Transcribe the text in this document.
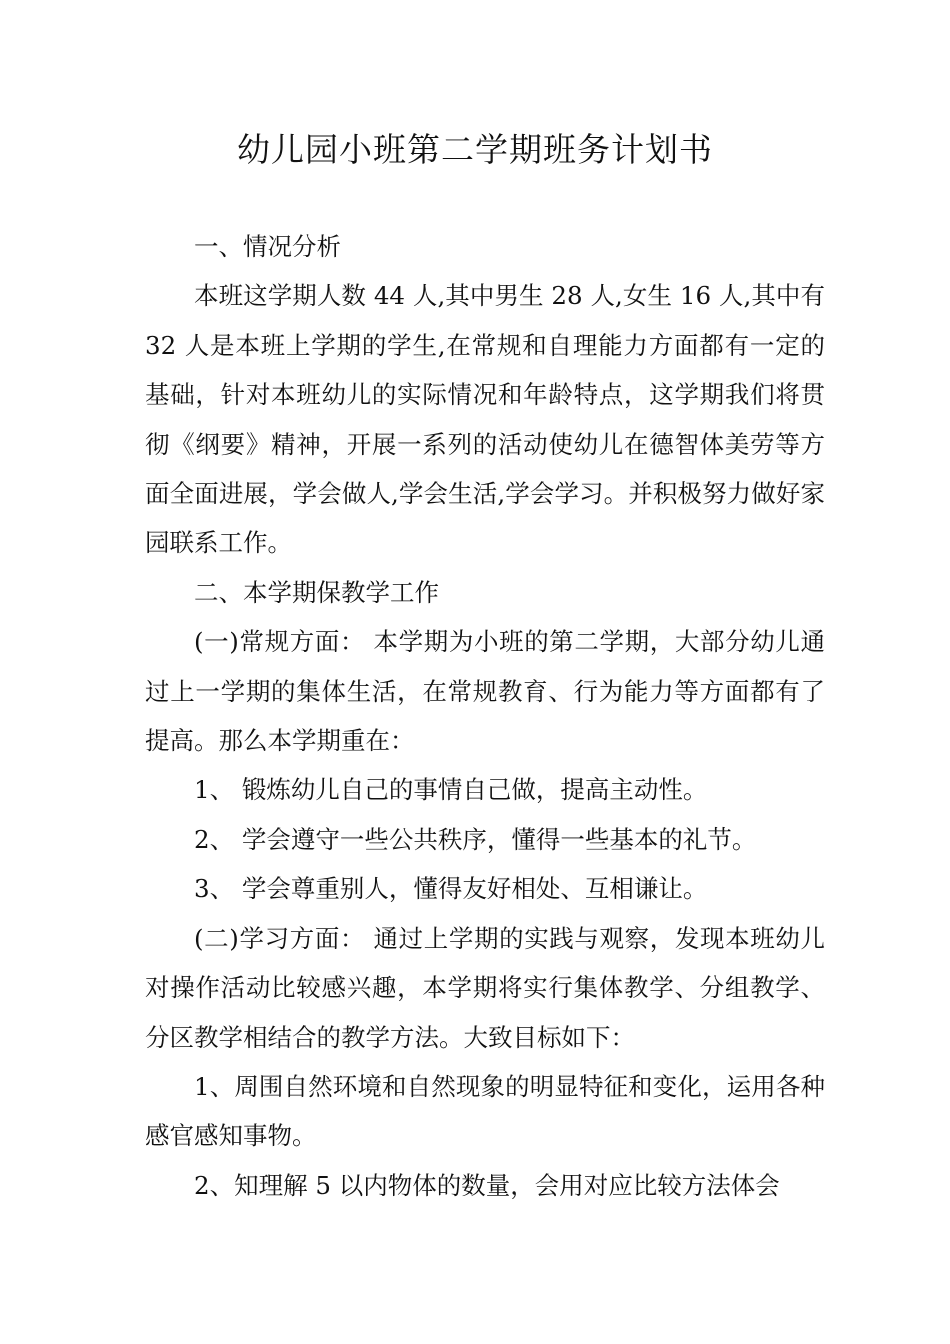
幼儿园小班第二学期班务计划书

一、情况分析

本班这学期人数 44 人,其中男生 28 人,女生 16 人,其中有 32 人是本班上学期的学生,在常规和自理能力方面都有一定的基础，针对本班幼儿的实际情况和年龄特点，这学期我们将贯彻《纲要》精神，开展一系列的活动使幼儿在德智体美劳等方面全面进展，学会做人,学会生活,学会学习。并积极努力做好家园联系工作。

二、本学期保教学工作

(一)常规方面： 本学期为小班的第二学期，大部分幼儿通过上一学期的集体生活，在常规教育、行为能力等方面都有了提高。那么本学期重在：

1、 锻炼幼儿自己的事情自己做，提高主动性。

2、 学会遵守一些公共秩序，懂得一些基本的礼节。

3、 学会尊重别人，懂得友好相处、互相谦让。

(二)学习方面： 通过上学期的实践与观察，发现本班幼儿对操作活动比较感兴趣，本学期将实行集体教学、分组教学、分区教学相结合的教学方法。大致目标如下：

1、周围自然环境和自然现象的明显特征和变化，运用各种感官感知事物。

2、知理解 5 以内物体的数量，会用对应比较方法体会
